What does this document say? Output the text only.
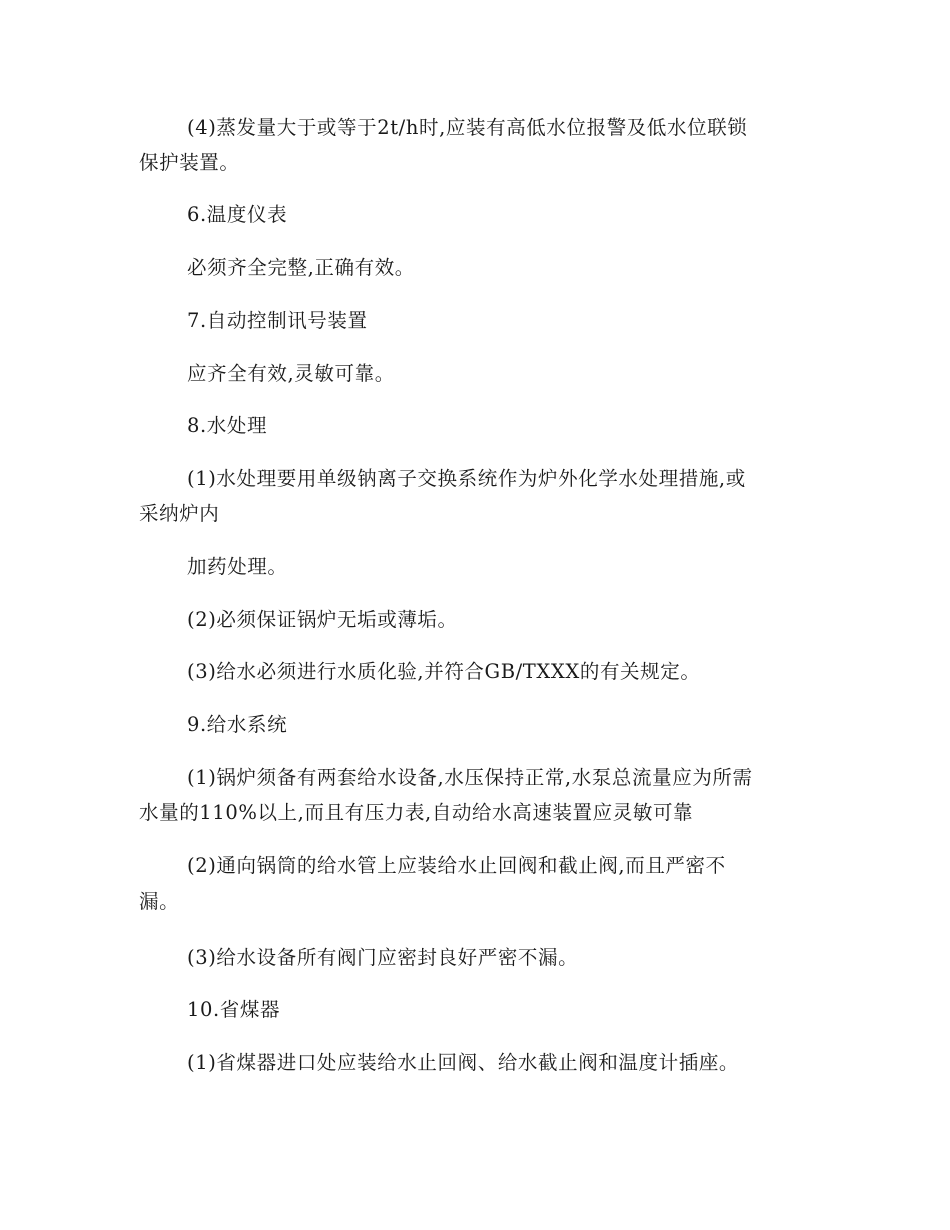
(4)蒸发量大于或等于2t/h时,应装有高低水位报警及低水位联锁
保护装置。
6.温度仪表
必须齐全完整,正确有效。
7.自动控制讯号装置
应齐全有效,灵敏可靠。
8.水处理
(1)水处理要用单级钠离子交换系统作为炉外化学水处理措施,或
采纳炉内
加药处理。
(2)必须保证锅炉无垢或薄垢。
(3)给水必须进行水质化验,并符合GB/TXXX的有关规定。
9.给水系统
(1)锅炉须备有两套给水设备,水压保持正常,水泵总流量应为所需
水量的110%以上,而且有压力表,自动给水高速装置应灵敏可靠
(2)通向锅筒的给水管上应装给水止回阀和截止阀,而且严密不
漏。
(3)给水设备所有阀门应密封良好严密不漏。
10.省煤器
(1)省煤器进口处应装给水止回阀、给水截止阀和温度计插座。
